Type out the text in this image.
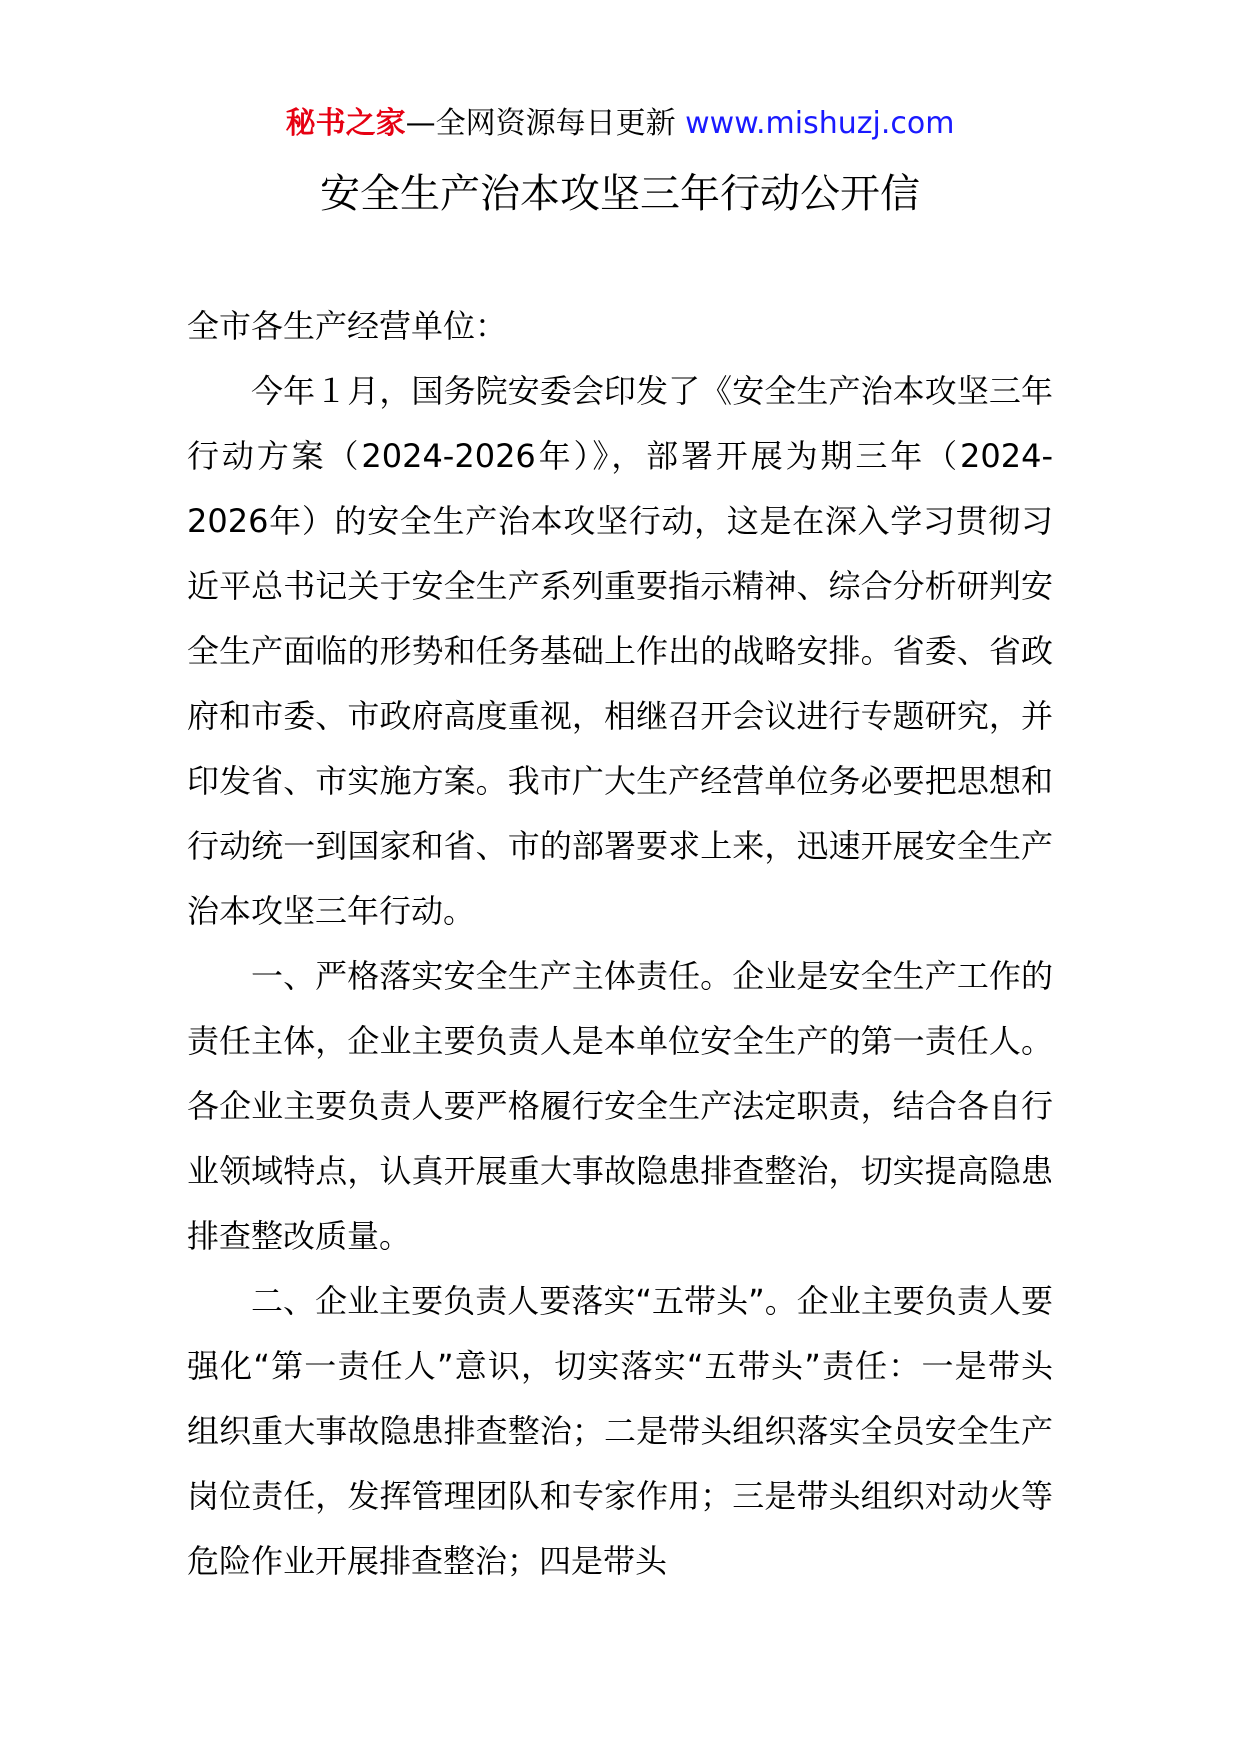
秘书之家—全网资源每日更新 www.mishuzj.com
安全生产治本攻坚三年行动公开信

全市各生产经营单位：

今年１月，国务院安委会印发了《安全生产治本攻坚三年行动方案（2024-2026年）》，部署开展为期三年（2024-2026年）的安全生产治本攻坚行动，这是在深入学习贯彻习近平总书记关于安全生产系列重要指示精神、综合分析研判安全生产面临的形势和任务基础上作出的战略安排。省委、省政府和市委、市政府高度重视，相继召开会议进行专题研究，并印发省、市实施方案。我市广大生产经营单位务必要把思想和行动统一到国家和省、市的部署要求上来，迅速开展安全生产治本攻坚三年行动。

一、严格落实安全生产主体责任。企业是安全生产工作的责任主体，企业主要负责人是本单位安全生产的第一责任人。各企业主要负责人要严格履行安全生产法定职责，结合各自行业领域特点，认真开展重大事故隐患排查整治，切实提高隐患排查整改质量。

二、企业主要负责人要落实“五带头”。企业主要负责人要强化“第一责任人”意识，切实落实“五带头”责任：一是带头组织重大事故隐患排查整治；二是带头组织落实全员安全生产岗位责任，发挥管理团队和专家作用；三是带头组织对动火等危险作业开展排查整治；四是带头
